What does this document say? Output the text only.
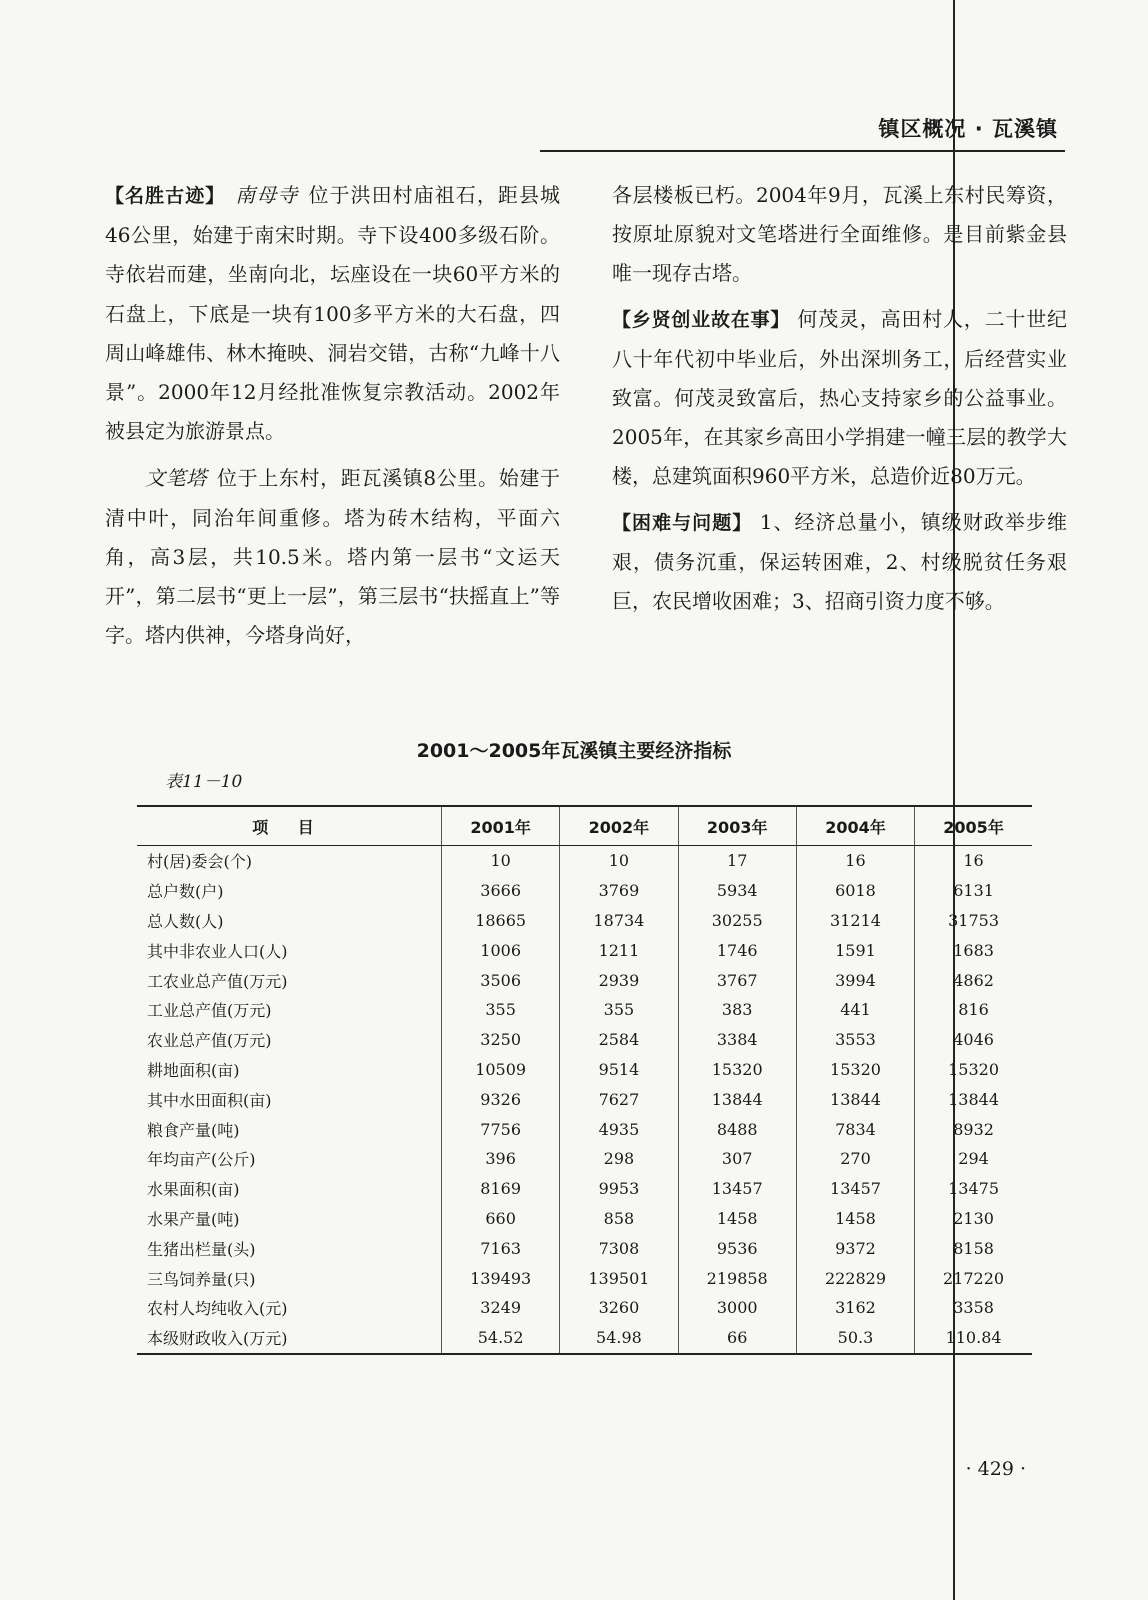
镇区概况 · 瓦溪镇

【名胜古迹】 南母寺 位于洪田村庙祖石，距县城46公里，始建于南宋时期。寺下设400多级石阶。寺依岩而建，坐南向北，坛座设在一块60平方米的石盘上，下底是一块有100多平方米的大石盘，四周山峰雄伟、林木掩映、洞岩交错，古称“九峰十八景”。2000年12月经批准恢复宗教活动。2002年被县定为旅游景点。

文笔塔 位于上东村，距瓦溪镇8公里。始建于清中叶，同治年间重修。塔为砖木结构，平面六角，高3层，共10.5米。塔内第一层书“文运天开”，第二层书“更上一层”，第三层书“扶摇直上”等字。塔内供神，今塔身尚好，

各层楼板已朽。2004年9月，瓦溪上东村民筹资，按原址原貌对文笔塔进行全面维修。是目前紫金县唯一现存古塔。

【乡贤创业故在事】 何茂灵，高田村人，二十世纪八十年代初中毕业后，外出深圳务工，后经营实业致富。何茂灵致富后，热心支持家乡的公益事业。2005年，在其家乡高田小学捐建一幢三层的教学大楼，总建筑面积960平方米，总造价近80万元。

【困难与问题】 1、经济总量小，镇级财政举步维艰，债务沉重，保运转困难，2、村级脱贫任务艰巨，农民增收困难；3、招商引资力度不够。

2001～2005年瓦溪镇主要经济指标
表11－10
项 目	2001年	2002年	2003年	2004年	2005年
村(居)委会(个)	10	10	17	16	16
总户数(户)	3666	3769	5934	6018	6131
总人数(人)	18665	18734	30255	31214	31753
其中非农业人口(人)	1006	1211	1746	1591	1683
工农业总产值(万元)	3506	2939	3767	3994	4862
工业总产值(万元)	355	355	383	441	816
农业总产值(万元)	3250	2584	3384	3553	4046
耕地面积(亩)	10509	9514	15320	15320	15320
其中水田面积(亩)	9326	7627	13844	13844	13844
粮食产量(吨)	7756	4935	8488	7834	8932
年均亩产(公斤)	396	298	307	270	294
水果面积(亩)	8169	9953	13457	13457	13475
水果产量(吨)	660	858	1458	1458	2130
生猪出栏量(头)	7163	7308	9536	9372	8158
三鸟饲养量(只)	139493	139501	219858	222829	217220
农村人均纯收入(元)	3249	3260	3000	3162	3358
本级财政收入(万元)	54.52	54.98	66	50.3	110.84
· 429 ·
